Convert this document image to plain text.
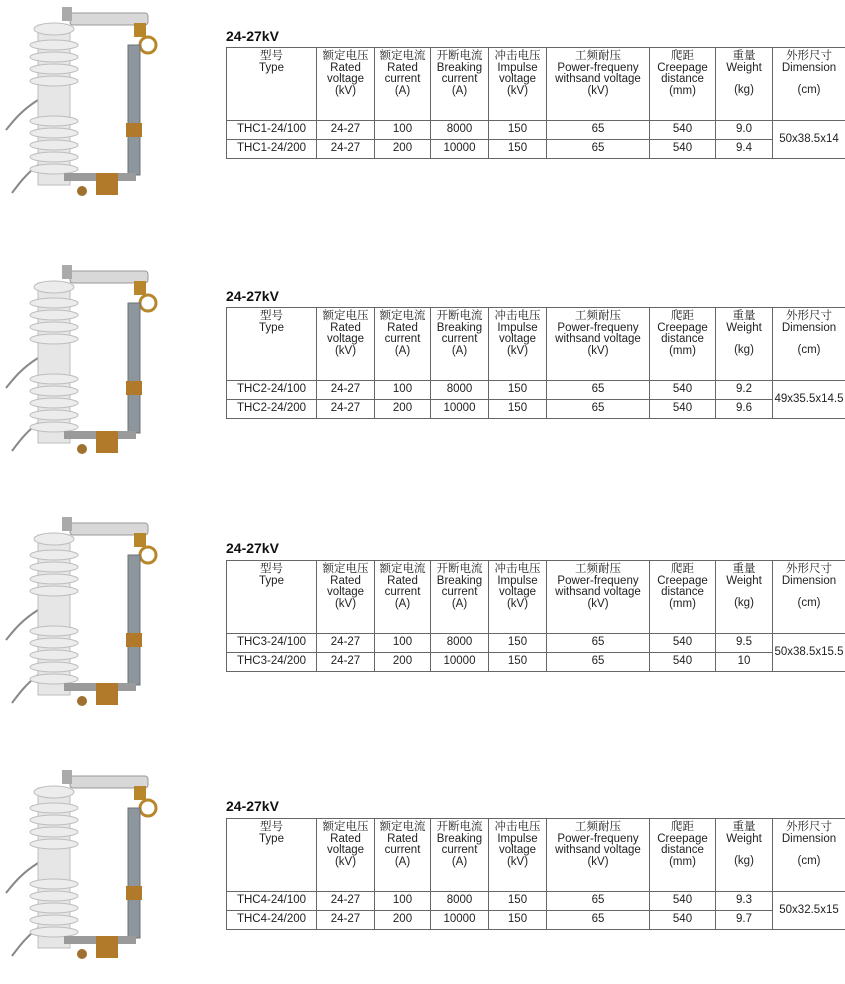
24-27kV
型号
Type	额定电压
Rated
voltage
(kV)	额定电流
Rated
current
(A)	开断电流
Breaking
current
(A)	冲击电压
Impulse
voltage
(kV)	工频耐压
Power-frequeny
withsand voltage
(kV)	爬距
Creepage
distance
(mm)	重量
Weight
(kg)	外形尺寸
Dimension
(cm)

THC1-24/100	24-27	100	8000	150	65	540	9.0	50x38.5x14
THC1-24/200	24-27	200	10000	150	65	540	9.4	
24-27kV
型号
Type	额定电压
Rated
voltage
(kV)	额定电流
Rated
current
(A)	开断电流
Breaking
current
(A)	冲击电压
Impulse
voltage
(kV)	工频耐压
Power-frequeny
withsand voltage
(kV)	爬距
Creepage
distance
(mm)	重量
Weight
(kg)	外形尺寸
Dimension
(cm)

THC2-24/100	24-27	100	8000	150	65	540	9.2	49x35.5x14.5
THC2-24/200	24-27	200	10000	150	65	540	9.6	
24-27kV
型号
Type	额定电压
Rated
voltage
(kV)	额定电流
Rated
current
(A)	开断电流
Breaking
current
(A)	冲击电压
Impulse
voltage
(kV)	工频耐压
Power-frequeny
withsand voltage
(kV)	爬距
Creepage
distance
(mm)	重量
Weight
(kg)	外形尺寸
Dimension
(cm)

THC3-24/100	24-27	100	8000	150	65	540	9.5	50x38.5x15.5
THC3-24/200	24-27	200	10000	150	65	540	10	
24-27kV
型号
Type	额定电压
Rated
voltage
(kV)	额定电流
Rated
current
(A)	开断电流
Breaking
current
(A)	冲击电压
Impulse
voltage
(kV)	工频耐压
Power-frequeny
withsand voltage
(kV)	爬距
Creepage
distance
(mm)	重量
Weight
(kg)	外形尺寸
Dimension
(cm)

THC4-24/100	24-27	100	8000	150	65	540	9.3	50x32.5x15
THC4-24/200	24-27	200	10000	150	65	540	9.7	
